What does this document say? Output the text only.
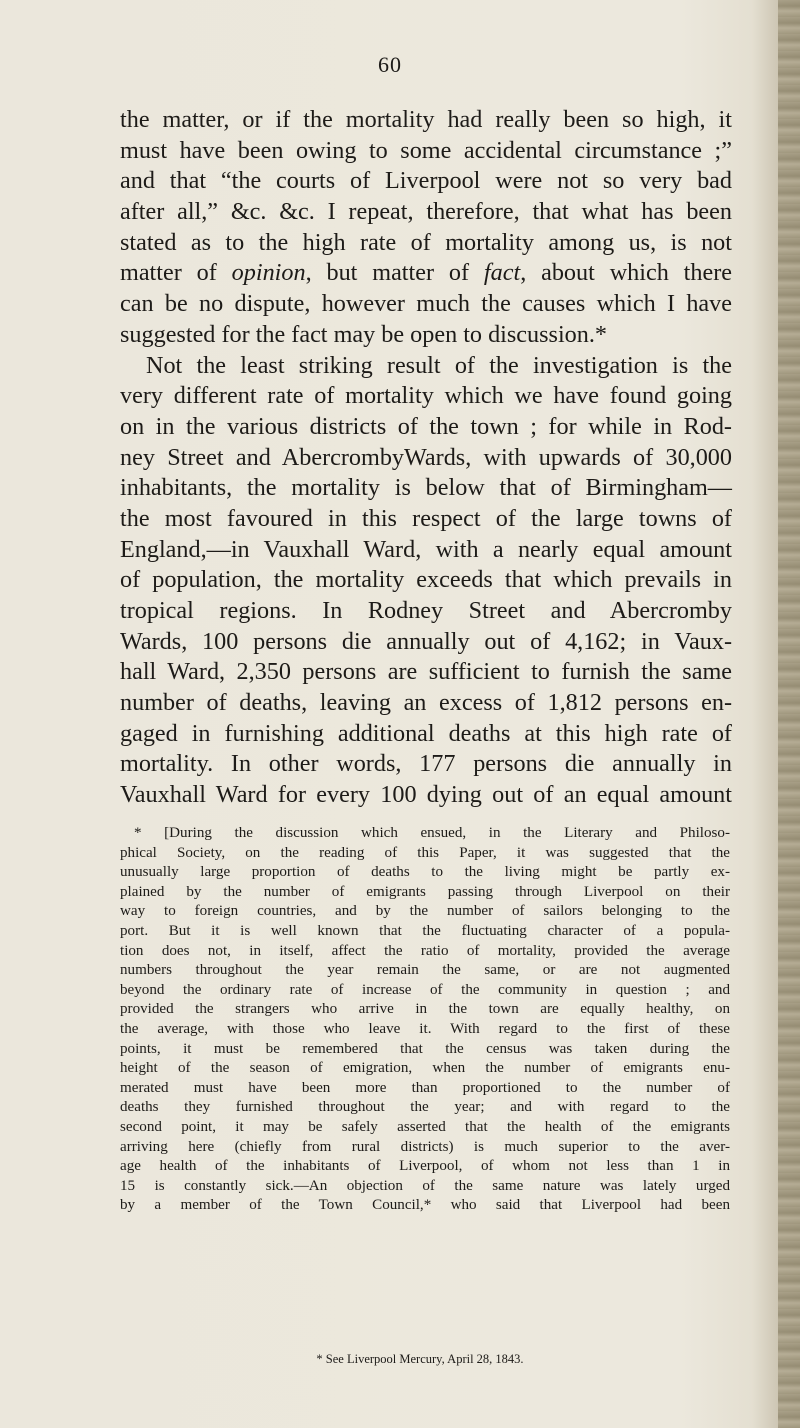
60
the matter, or if the mortality had really been so high, it
must have been owing to some accidental circumstance ;”
and that “the courts of Liverpool were not so very bad
after all,” &c. &c. I repeat, therefore, that what has been
stated as to the high rate of mortality among us, is not
matter of opinion, but matter of fact, about which there
can be no dispute, however much the causes which I have
suggested for the fact may be open to discussion.*
Not the least striking result of the investigation is the
very different rate of mortality which we have found going
on in the various districts of the town ; for while in Rod-
ney Street and AbercrombyWards, with upwards of 30,000
inhabitants, the mortality is below that of Birmingham—
the most favoured in this respect of the large towns of
England,—in Vauxhall Ward, with a nearly equal amount
of population, the mortality exceeds that which prevails in
tropical regions. In Rodney Street and Abercromby
Wards, 100 persons die annually out of 4,162; in Vaux-
hall Ward, 2,350 persons are sufficient to furnish the same
number of deaths, leaving an excess of 1,812 persons en-
gaged in furnishing additional deaths at this high rate of
mortality. In other words, 177 persons die annually in
Vauxhall Ward for every 100 dying out of an equal amount
* [During the discussion which ensued, in the Literary and Philoso-
phical Society, on the reading of this Paper, it was suggested that the
unusually large proportion of deaths to the living might be partly ex-
plained by the number of emigrants passing through Liverpool on their
way to foreign countries, and by the number of sailors belonging to the
port. But it is well known that the fluctuating character of a popula-
tion does not, in itself, affect the ratio of mortality, provided the average
numbers throughout the year remain the same, or are not augmented
beyond the ordinary rate of increase of the community in question ; and
provided the strangers who arrive in the town are equally healthy, on
the average, with those who leave it. With regard to the first of these
points, it must be remembered that the census was taken during the
height of the season of emigration, when the number of emigrants enu-
merated must have been more than proportioned to the number of
deaths they furnished throughout the year; and with regard to the
second point, it may be safely asserted that the health of the emigrants
arriving here (chiefly from rural districts) is much superior to the aver-
age health of the inhabitants of Liverpool, of whom not less than 1 in
15 is constantly sick.—An objection of the same nature was lately urged
by a member of the Town Council,* who said that Liverpool had been
* See Liverpool Mercury, April 28, 1843.
